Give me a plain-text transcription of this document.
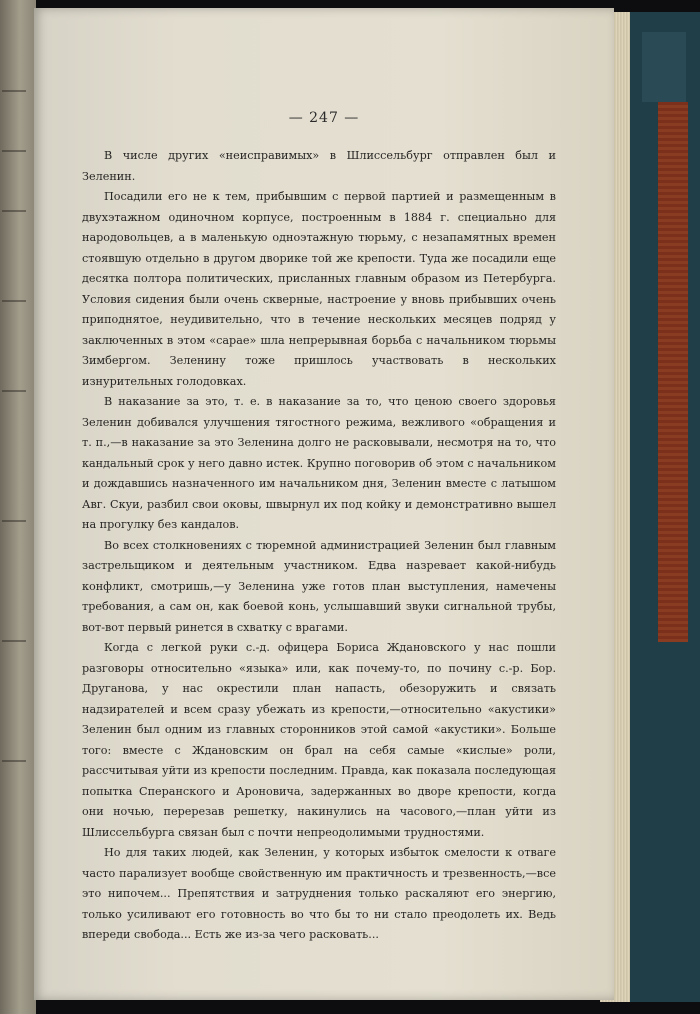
— 247 —

В числе других «неисправимых» в Шлиссельбург отправлен был и Зеленин.

Посадили его не к тем, прибывшим с первой партией и размещенным в двухэтажном одиночном корпусе, построенным в 1884 г. специально для народовольцев, а в маленькую одноэтажную тюрьму, с незапамятных времен стоявшую отдельно в другом дворике той же крепости. Туда же посадили еще десятка полтора политических, присланных главным образом из Петербурга. Условия сидения были очень скверные, настроение у вновь прибывших очень приподнятое, неудивительно, что в течение нескольких месяцев подряд у заключенных в этом «сарае» шла непрерывная борьба с начальником тюрьмы Зимбергом. Зеленину тоже пришлось участвовать в нескольких изнурительных голодовках.

В наказание за это, т. е. в наказание за то, что ценою своего здоровья Зеленин добивался улучшения тягостного режима, вежливого «обращения и т. п.,—в наказание за это Зеленина долго не расковывали, несмотря на то, что кандальный срок у него давно истек. Крупно поговорив об этом с начальником и дождавшись назначенного им начальником дня, Зеленин вместе с латышом Авг. Скуи, разбил свои оковы, швырнул их под койку и демонстративно вышел на прогулку без кандалов.

Во всех столкновениях с тюремной администрацией Зеленин был главным застрельщиком и деятельным участником. Едва назревает какой-нибудь конфликт, смотришь,—у Зеленина уже готов план выступления, намечены требования, а сам он, как боевой конь, услышавший звуки сигнальной трубы, вот-вот первый ринется в схватку с врагами.

Когда с легкой руки с.-д. офицера Бориса Ждановского у нас пошли разговоры относительно «языка» или, как почему-то, по почину с.-р. Бор. Друганова, у нас окрестили план напасть, обезоружить и связать надзирателей и всем сразу убежать из крепости,—относительно «акустики» Зеленин был одним из главных сторонников этой самой «акустики». Больше того: вместе с Ждановским он брал на себя самые «кислые» роли, рассчитывая уйти из крепости последним. Правда, как показала последующая попытка Сперанского и Ароновича, задержанных во дворе крепости, когда они ночью, перерезав решетку, накинулись на часового,—план уйти из Шлиссельбурга связан был с почти непреодолимыми трудностями.

Но для таких людей, как Зеленин, у которых избыток смелости к отвагe часто парализует вообще свойственную им практичность и трезвенность,—все это нипочем... Препятствия и затруднения только раскаляют его энергию, только усиливают его готовность во что бы то ни стало преодолеть их. Ведь впереди свобода... Есть же из-за чего расковать...
